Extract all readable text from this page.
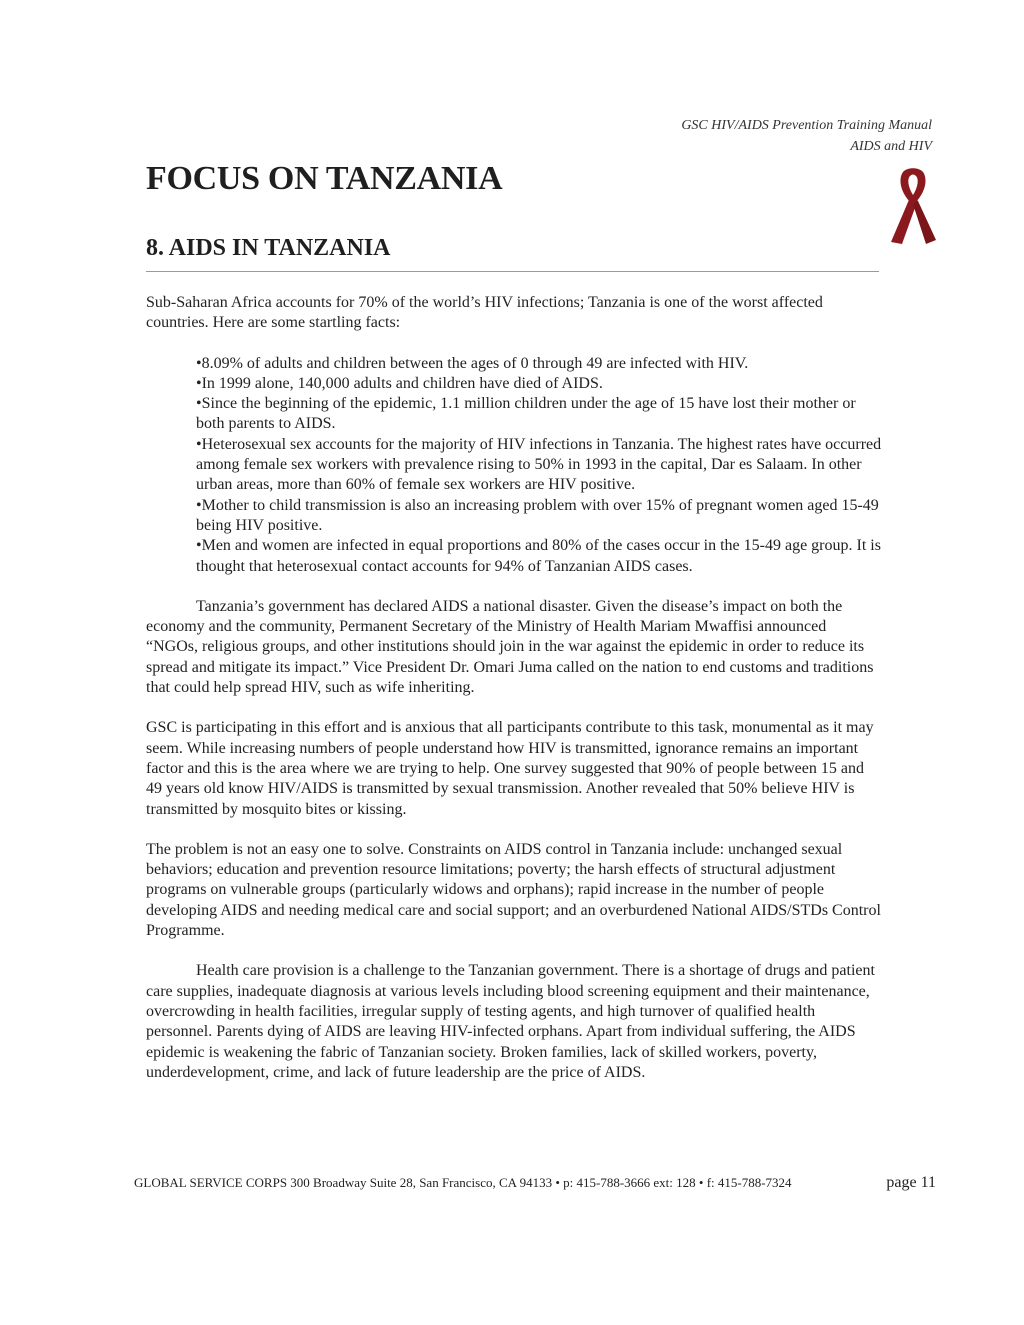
GSC HIV/AIDS Prevention Training Manual
AIDS and HIV
FOCUS ON TANZANIA
8. AIDS IN TANZANIA

Sub-Saharan Africa accounts for 70% of the world’s HIV infections; Tanzania is one of the worst affected countries. Here are some startling facts:

•8.09% of adults and children between the ages of 0 through 49 are infected with HIV.
•In 1999 alone, 140,000 adults and children have died of AIDS.
•Since the beginning of the epidemic, 1.1 million children under the age of 15 have lost their mother or both parents to AIDS.
•Heterosexual sex accounts for the majority of HIV infections in Tanzania. The highest rates have occurred among female sex workers with prevalence rising to 50% in 1993 in the capital, Dar es Salaam. In other urban areas, more than 60% of female sex workers are HIV positive.
•Mother to child transmission is also an increasing problem with over 15% of pregnant women aged 15-49 being HIV positive.
•Men and women are infected in equal proportions and 80% of the cases occur in the 15-49 age group. It is thought that heterosexual contact accounts for 94% of Tanzanian AIDS cases.

Tanzania’s government has declared AIDS a national disaster. Given the disease’s impact on both the economy and the community, Permanent Secretary of the Ministry of Health Mariam Mwaffisi announced “NGOs, religious groups, and other institutions should join in the war against the epidemic in order to reduce its spread and mitigate its impact.” Vice President Dr. Omari Juma called on the nation to end customs and traditions that could help spread HIV, such as wife inheriting.

GSC is participating in this effort and is anxious that all participants contribute to this task, monumental as it may seem. While increasing numbers of people understand how HIV is transmitted, ignorance remains an important factor and this is the area where we are trying to help. One survey suggested that 90% of people between 15 and 49 years old know HIV/AIDS is transmitted by sexual transmission. Another revealed that 50% believe HIV is transmitted by mosquito bites or kissing.

The problem is not an easy one to solve. Constraints on AIDS control in Tanzania include: unchanged sexual behaviors; education and prevention resource limitations; poverty; the harsh effects of structural adjustment programs on vulnerable groups (particularly widows and orphans); rapid increase in the number of people developing AIDS and needing medical care and social support; and an overburdened National AIDS/STDs Control Programme.

Health care provision is a challenge to the Tanzanian government. There is a shortage of drugs and patient care supplies, inadequate diagnosis at various levels including blood screening equipment and their maintenance, overcrowding in health facilities, irregular supply of testing agents, and high turnover of qualified health personnel. Parents dying of AIDS are leaving HIV-infected orphans. Apart from individual suffering, the AIDS epidemic is weakening the fabric of Tanzanian society. Broken families, lack of skilled workers, poverty, underdevelopment, crime, and lack of future leadership are the price of AIDS.

GLOBAL SERVICE CORPS 300 Broadway Suite 28, San Francisco, CA 94133 • p: 415-788-3666 ext: 128 • f: 415-788-7324	page 11
